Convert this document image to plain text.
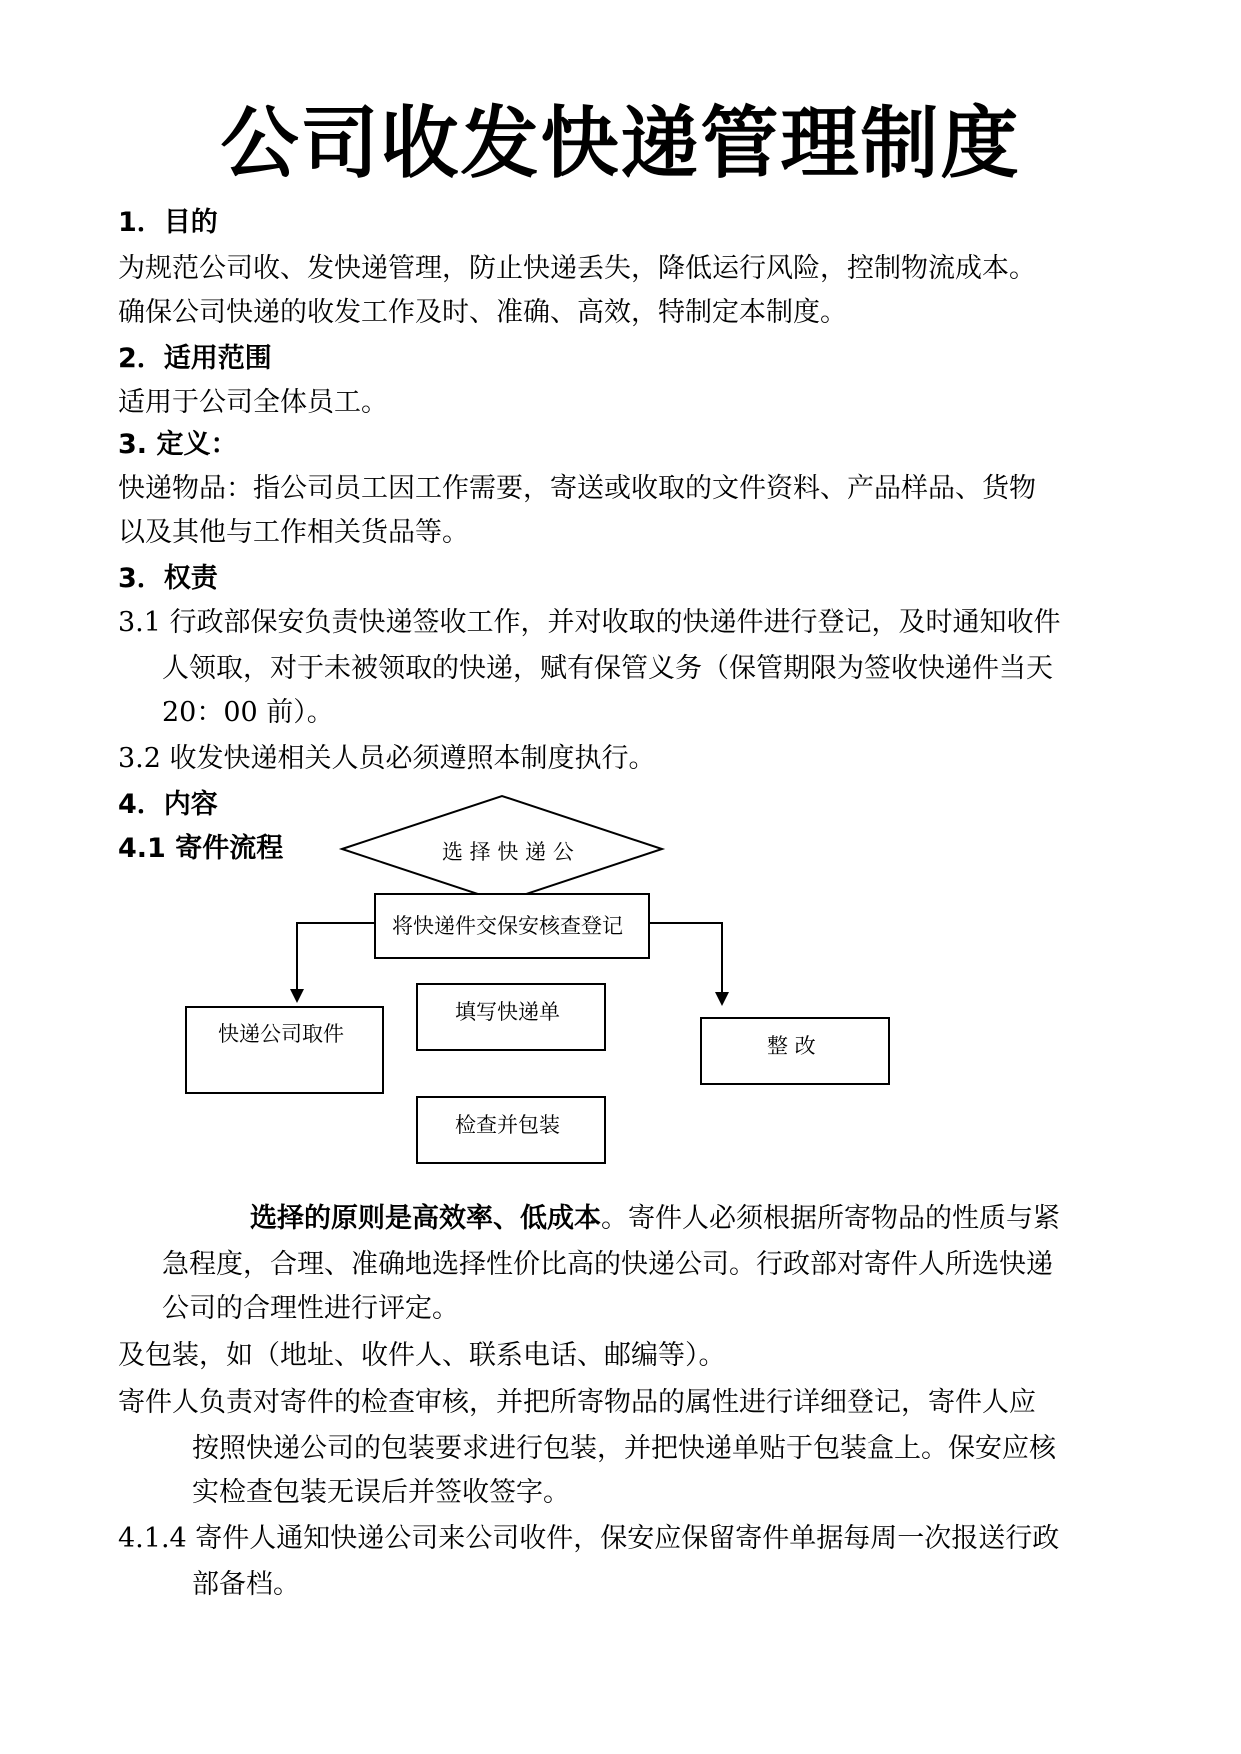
公司收发快递管理制度
1．目的
为规范公司收、发快递管理，防止快递丢失，降低运行风险，控制物流成本。
确保公司快递的收发工作及时、准确、高效，特制定本制度。
2．适用范围
适用于公司全体员工。
3. 定义：
快递物品：指公司员工因工作需要，寄送或收取的文件资料、产品样品、货物
以及其他与工作相关货品等。
3．权责
3.1 行政部保安负责快递签收工作，并对收取的快递件进行登记，及时通知收件
人领取，对于未被领取的快递，赋有保管义务（保管期限为签收快递件当天
20：00 前）。
3.2 收发快递相关人员必须遵照本制度执行。
4．内容
4.1 寄件流程	选 择 快 递 公
将快递件交保安核查登记
快递公司取件
填写快递单
整 改
检查并包装
选择的原则是高效率、低成本。寄件人必须根据所寄物品的性质与紧
急程度，合理、准确地选择性价比高的快递公司。行政部对寄件人所选快递
公司的合理性进行评定。
及包装，如（地址、收件人、联系电话、邮编等）。
寄件人负责对寄件的检查审核，并把所寄物品的属性进行详细登记，寄件人应
按照快递公司的包装要求进行包装，并把快递单贴于包装盒上。保安应核
实检查包装无误后并签收签字。
4.1.4 寄件人通知快递公司来公司收件，保安应保留寄件单据每周一次报送行政
部备档。
